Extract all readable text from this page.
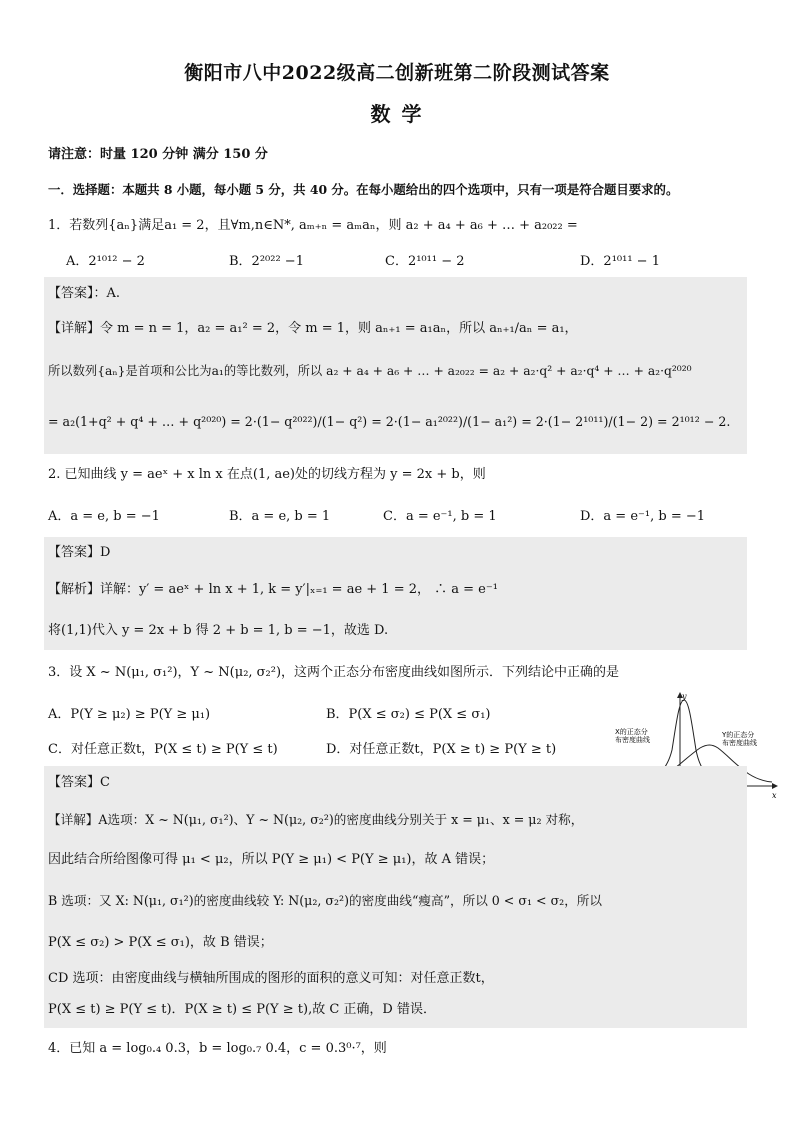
衡阳市八中2022级高二创新班第二阶段测试答案
数 学
请注意：时量 120 分钟 满分 150 分
一．选择题：本题共 8 小题，每小题 5 分，共 40 分。在每小题给出的四个选项中，只有一项是符合题目要求的。
1．若数列{aₙ}满足a₁ = 2，且∀m,n∈N*, aₘ₊ₙ = aₘaₙ，则 a₂ + a₄ + a₆ + … + a₂₀₂₂ =
A．2¹⁰¹² − 2	B．2²⁰²² −1	C．2¹⁰¹¹ − 2	D．2¹⁰¹¹ − 1
【答案】：A.
【详解】令 m = n = 1，a₂ = a₁² = 2，令 m = 1，则 aₙ₊₁ = a₁aₙ，所以 aₙ₊₁/aₙ = a₁，
所以数列{aₙ}是首项和公比为a₁的等比数列，所以 a₂ + a₄ + a₆ + … + a₂₀₂₂ = a₂ + a₂·q² + a₂·q⁴ + … + a₂·q²⁰²⁰
= a₂(1+q² + q⁴ + … + q²⁰²⁰) = 2·(1− q²⁰²²)/(1− q²) = 2·(1− a₁²⁰²²)/(1− a₁²) = 2·(1− 2¹⁰¹¹)/(1− 2) = 2¹⁰¹² − 2.
2. 已知曲线 y = aeˣ + x ln x 在点(1, ae)处的切线方程为 y = 2x + b，则
A．a = e, b = −1	B．a = e, b = 1	C．a = e⁻¹, b = 1	D．a = e⁻¹, b = −1
【答案】D
【解析】详解：y′ = aeˣ + ln x + 1, k = y′|ₓ₌₁ = ae + 1 = 2， ∴ a = e⁻¹
将(1,1)代入 y = 2x + b 得 2 + b = 1, b = −1，故选 D.
3．设 X ~ N(μ₁, σ₁²)，Y ~ N(μ₂, σ₂²)，这两个正态分布密度曲线如图所示．下列结论中正确的是
A．P(Y ≥ μ₂) ≥ P(Y ≥ μ₁)	B．P(X ≤ σ₂) ≤ P(X ≤ σ₁)
C．对任意正数t，P(X ≤ t) ≥ P(Y ≤ t)	D．对任意正数t，P(X ≥ t) ≥ P(Y ≥ t)
y
x
X的正态分
布密度曲线
Y的正态分
布密度曲线
【答案】C
【详解】A选项：X ~ N(μ₁, σ₁²)、Y ~ N(μ₂, σ₂²)的密度曲线分别关于 x = μ₁、x = μ₂ 对称，
因此结合所给图像可得 μ₁ < μ₂，所以 P(Y ≥ μ₁) < P(Y ≥ μ₁)，故 A 错误；
B 选项：又 X: N(μ₁, σ₁²)的密度曲线较 Y: N(μ₂, σ₂²)的密度曲线“瘦高”，所以 0 < σ₁ < σ₂，所以
P(X ≤ σ₂) > P(X ≤ σ₁)，故 B 错误；
CD 选项：由密度曲线与横轴所围成的图形的面积的意义可知：对任意正数t，
P(X ≤ t) ≥ P(Y ≤ t)．P(X ≥ t) ≤ P(Y ≥ t),故 C 正确，D 错误．
4．已知 a = log₀.₄ 0.3，b = log₀.₇ 0.4，c = 0.3⁰·⁷，则
